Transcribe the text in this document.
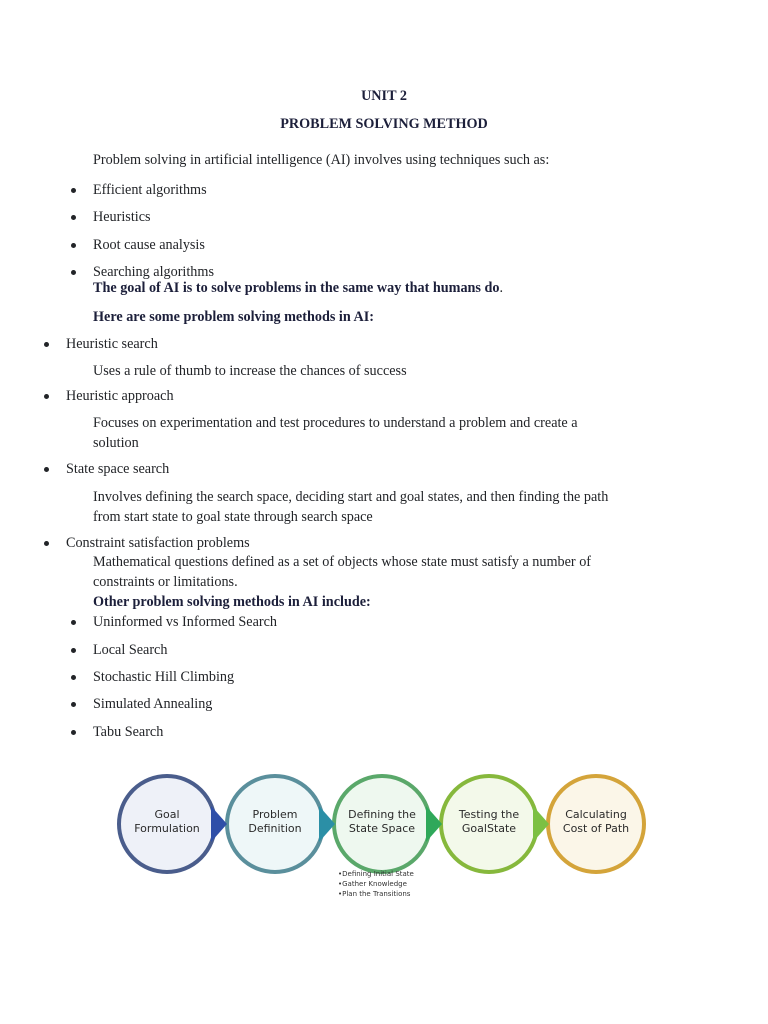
UNIT 2
PROBLEM SOLVING METHOD
Problem solving in artificial intelligence (AI) involves using techniques such as:
Efficient algorithms
Heuristics
Root cause analysis
Searching algorithms
The goal of AI is to solve problems in the same way that humans do.
Here are some problem solving methods in AI:
Heuristic search
Uses a rule of thumb to increase the chances of success
Heuristic approach
Focuses on experimentation and test procedures to understand a problem and create a
solution
State space search
Involves defining the search space, deciding start and goal states, and then finding the path
from start state to goal state through search space
Constraint satisfaction problems
Mathematical questions defined as a set of objects whose state must satisfy a number of
constraints or limitations.
Other problem solving methods in AI include:
Uninformed vs Informed Search
Local Search
Stochastic Hill Climbing
Simulated Annealing
Tabu Search
Goal
Formulation
Problem
Definition
Defining the
State Space
Testing the
GoalState
Calculating
Cost of Path
•Defining Initial State
•Gather Knowledge
•Plan the Transitions
